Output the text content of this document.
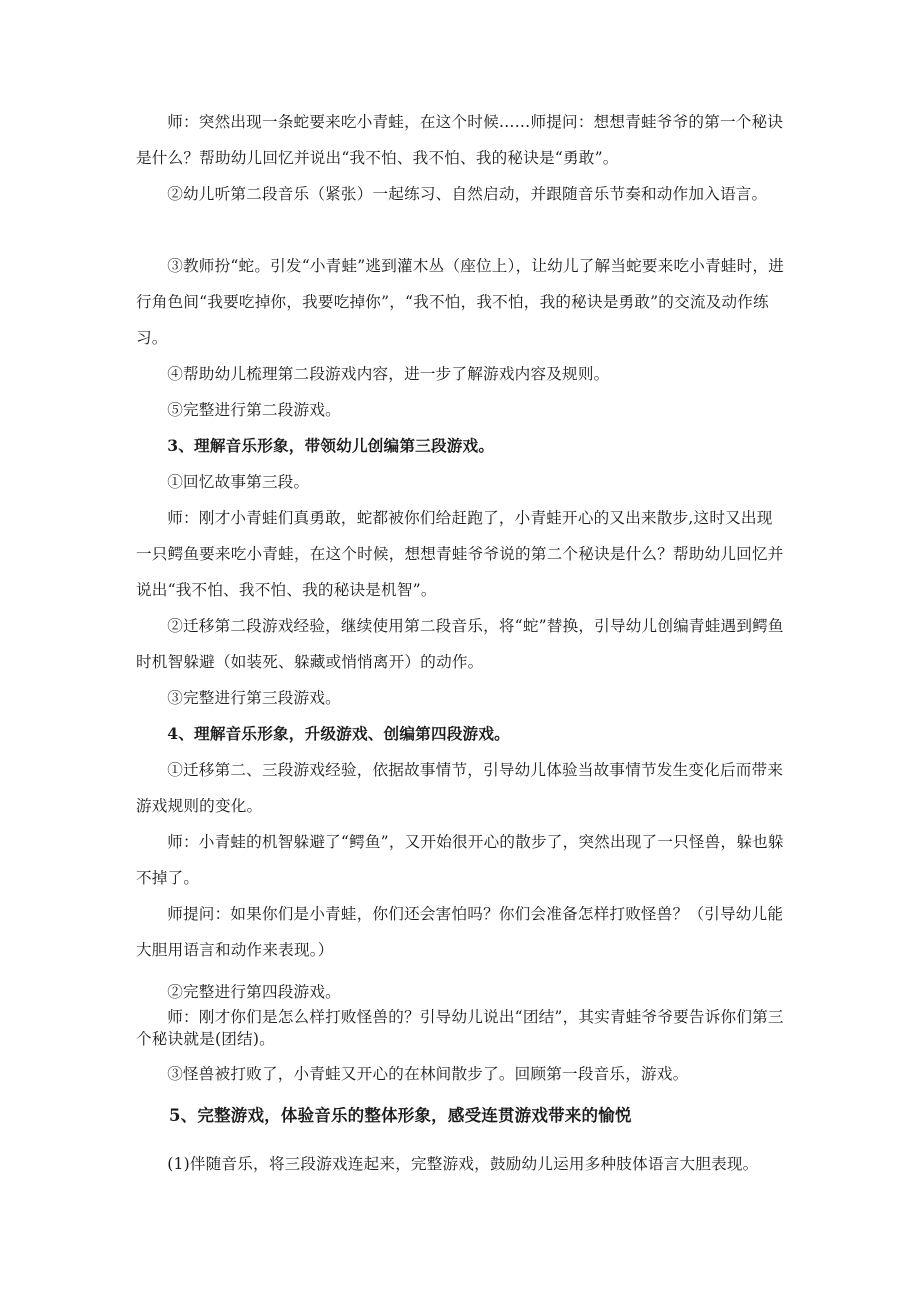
师：突然出现一条蛇要来吃小青蛙，在这个时候……师提问：想想青蛙爷爷的第一个秘诀是什么？帮助幼儿回忆并说出“我不怕、我不怕、我的秘诀是“勇敢”。

②幼儿听第二段音乐（紧张）一起练习、自然启动，并跟随音乐节奏和动作加入语言。

③教师扮“蛇。引发“小青蛙”逃到灌木丛（座位上），让幼儿了解当蛇要来吃小青蛙时，进行角色间“我要吃掉你，我要吃掉你”，“我不怕，我不怕，我的秘诀是勇敢”的交流及动作练习。

④帮助幼儿梳理第二段游戏内容，进一步了解游戏内容及规则。

⑤完整进行第二段游戏。

3、理解音乐形象，带领幼儿创编第三段游戏。

①回忆故事第三段。

师：刚才小青蛙们真勇敢，蛇都被你们给赶跑了，小青蛙开心的又出来散步,这时又出现一只鳄鱼要来吃小青蛙，在这个时候，想想青蛙爷爷说的第二个秘诀是什么？帮助幼儿回忆并说出“我不怕、我不怕、我的秘诀是机智”。

②迁移第二段游戏经验，继续使用第二段音乐，将“蛇”替换，引导幼儿创编青蛙遇到鳄鱼时机智躲避（如装死、躲藏或悄悄离开）的动作。

③完整进行第三段游戏。

4、理解音乐形象，升级游戏、创编第四段游戏。

①迁移第二、三段游戏经验，依据故事情节，引导幼儿体验当故事情节发生变化后而带来游戏规则的变化。

师：小青蛙的机智躲避了“鳄鱼”，又开始很开心的散步了，突然出现了一只怪兽，躲也躲不掉了。

师提问：如果你们是小青蛙，你们还会害怕吗？你们会准备怎样打败怪兽？（引导幼儿能大胆用语言和动作来表现。）

②完整进行第四段游戏。

师：刚才你们是怎么样打败怪兽的？引导幼儿说出“团结”，其实青蛙爷爷要告诉你们第三个秘诀就是(团结)。

③怪兽被打败了，小青蛙又开心的在林间散步了。回顾第一段音乐，游戏。

5、完整游戏，体验音乐的整体形象，感受连贯游戏带来的愉悦

(1)伴随音乐，将三段游戏连起来，完整游戏，鼓励幼儿运用多种肢体语言大胆表现。
